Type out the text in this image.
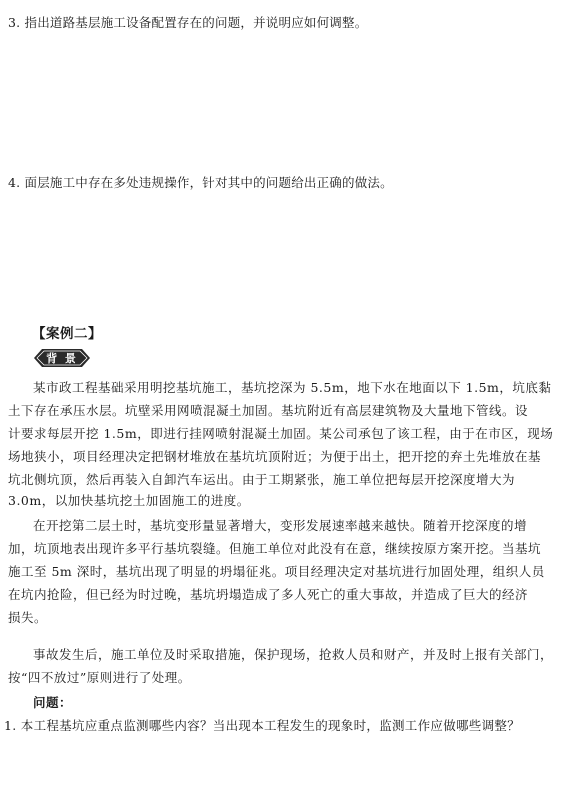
3. 指出道路基层施工设备配置存在的问题，并说明应如何调整。
4. 面层施工中存在多处违规操作，针对其中的问题给出正确的做法。
【案例二】
背 景
某市政工程基础采用明挖基坑施工，基坑挖深为 5.5m，地下水在地面以下 1.5m，坑底黏
土下存在承压水层。坑壁采用网喷混凝土加固。基坑附近有高层建筑物及大量地下管线。设
计要求每层开挖 1.5m，即进行挂网喷射混凝土加固。某公司承包了该工程，由于在市区，现场
场地狭小，项目经理决定把钢材堆放在基坑坑顶附近；为便于出土，把开挖的弃土先堆放在基
坑北侧坑顶，然后再装入自卸汽车运出。由于工期紧张，施工单位把每层开挖深度增大为
3.0m，以加快基坑挖土加固施工的进度。
在开挖第二层土时，基坑变形量显著增大，变形发展速率越来越快。随着开挖深度的增
加，坑顶地表出现许多平行基坑裂缝。但施工单位对此没有在意，继续按原方案开挖。当基坑
施工至 5m 深时，基坑出现了明显的坍塌征兆。项目经理决定对基坑进行加固处理，组织人员
在坑内抢险，但已经为时过晚，基坑坍塌造成了多人死亡的重大事故，并造成了巨大的经济
损失。
事故发生后，施工单位及时采取措施，保护现场，抢救人员和财产，并及时上报有关部门，
按“四不放过”原则进行了处理。
问题：
1. 本工程基坑应重点监测哪些内容？当出现本工程发生的现象时，监测工作应做哪些调整？
